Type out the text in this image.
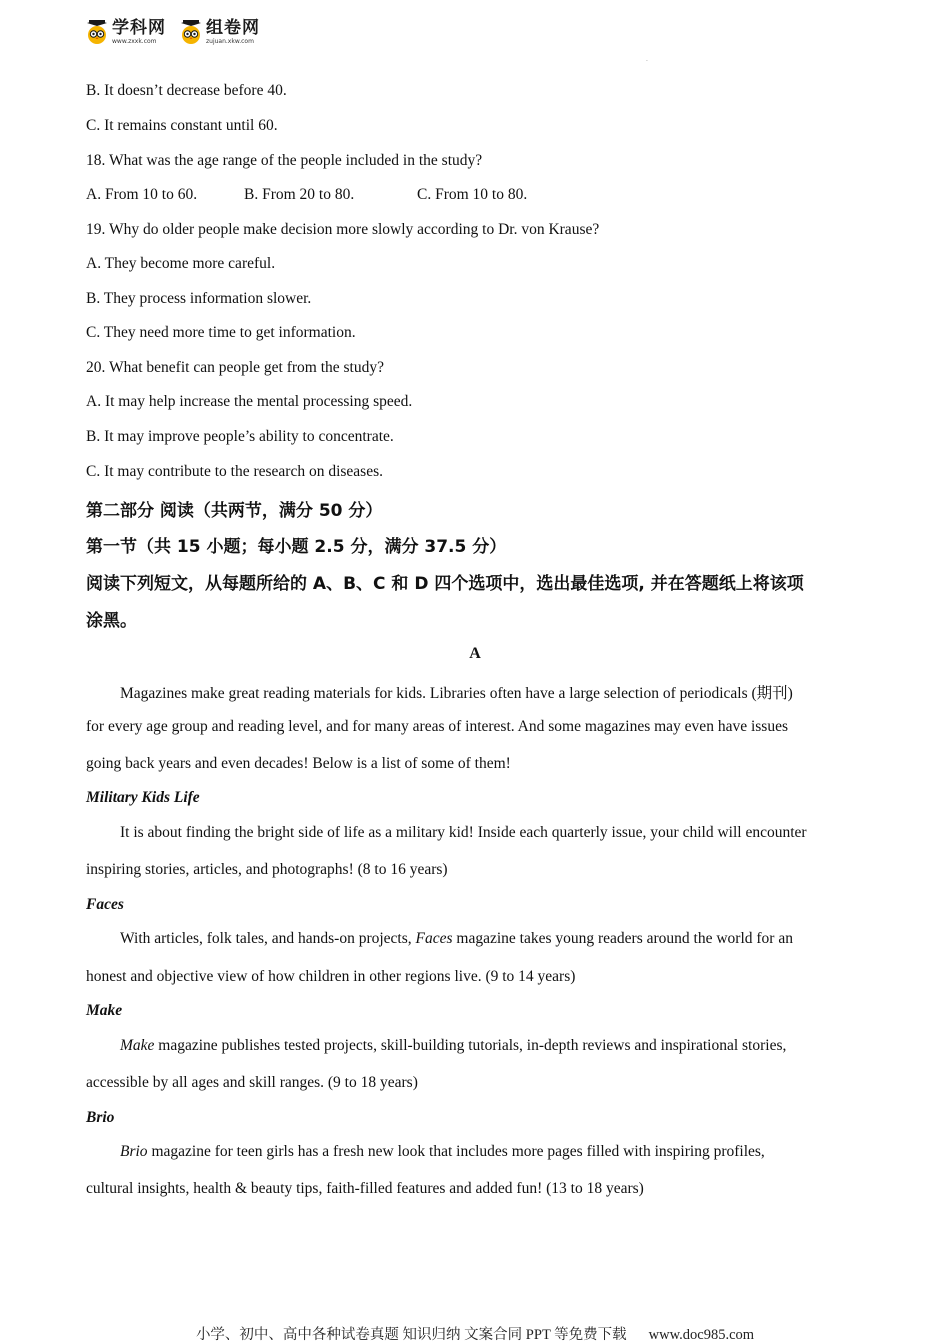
学科网
www.zxxk.com
组卷网
zujuan.xkw.com
·
B. It doesn’t decrease before 40.
C. It remains constant until 60.
18. What was the age range of the people included in the study?
A. From 10 to 60.	B. From 20 to 80.	C. From 10 to 80.
19. Why do older people make decision more slowly according to Dr. von Krause?
A. They become more careful.
B. They process information slower.
C. They need more time to get information.
20. What benefit can people get from the study?
A. It may help increase the mental processing speed.
B. It may improve people’s ability to concentrate.
C. It may contribute to the research on diseases.
第二部分 阅读（共两节，满分 50 分）
第一节（共 15 小题；每小题 2.5 分，满分 37.5 分）
阅读下列短文，从每题所给的 A、B、C 和 D 四个选项中，选出最佳选项, 并在答题纸上将该项
涂黑。
A
Magazines make great reading materials for kids. Libraries often have a large selection of periodicals (期刊)
for every age group and reading level, and for many areas of interest. And some magazines may even have issues
going back years and even decades! Below is a list of some of them!
Military Kids Life
It is about finding the bright side of life as a military kid! Inside each quarterly issue, your child will encounter
inspiring stories, articles, and photographs! (8 to 16 years)
Faces
With articles, folk tales, and hands-on projects, Faces magazine takes young readers around the world for an
honest and objective view of how children in other regions live. (9 to 14 years)
Make
Make magazine publishes tested projects, skill-building tutorials, in-depth reviews and inspirational stories,
accessible by all ages and skill ranges. (9 to 18 years)
Brio
Brio magazine for teen girls has a fresh new look that includes more pages filled with inspiring profiles,
cultural insights, health & beauty tips, faith-filled features and added fun! (13 to 18 years)
小学、初中、高中各种试卷真题 知识归纳 文案合同 PPT 等免费下载 www.doc985.com
